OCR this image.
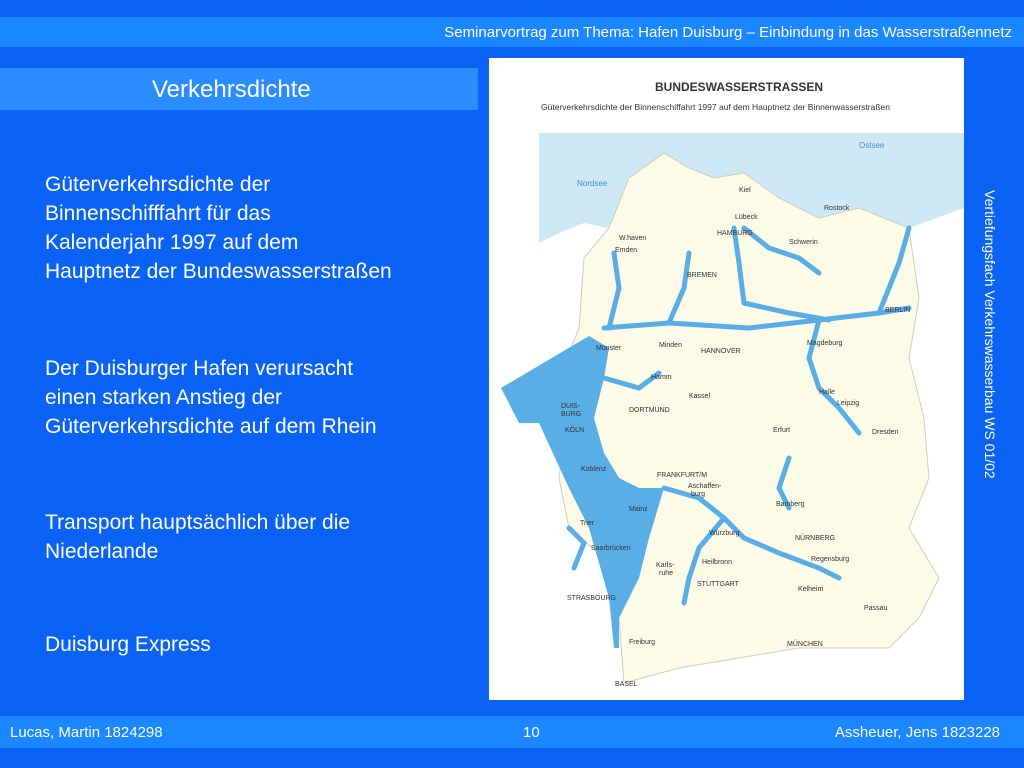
Seminarvortrag zum Thema: Hafen Duisburg – Einbindung in das Wasserstraßennetz
Verkehrsdichte

Güterverkehrsdichte der
Binnenschifffahrt für das
Kalenderjahr 1997 auf dem
Hauptnetz der Bundeswasserstraßen

Der Duisburger Hafen verursacht
einen starken Anstieg der
Güterverkehrsdichte auf dem Rhein

Transport hauptsächlich über die
Niederlande

Duisburg Express

Nordsee
Ostsee
Kiel
Rostock
Lübeck
HAMBURG
Schwerin
W.haven
Emden
BREMEN
BERLIN
Münster	Minden
HANNOVER
Magdeburg
Hamm
DUIS-
BURG
DORTMUND
Kassel
Halle
Leipzig
KÖLN	Erfurt	Dresden
Koblenz
FRANKFURT/M
Aschaffen-
burg
Mainz
Bamberg
Trier
Würzburg
NÜRNBERG
Saarbrücken
Heilbronn	Regensburg
Karls-
ruhe
STUTTGART
Kelheim
STRASBOURG
Passau
Freiburg	MÜNCHEN
BASEL
BUNDESWASSERSTRASSEN
Güterverkehrsdichte der Binnenschiffahrt 1997 auf dem Hauptnetz der Binnenwasserstraßen
Vertiefungsfach Verkehrswasserbau WS 01/02
Lucas, Martin 1824298	10	Assheuer, Jens 1823228
